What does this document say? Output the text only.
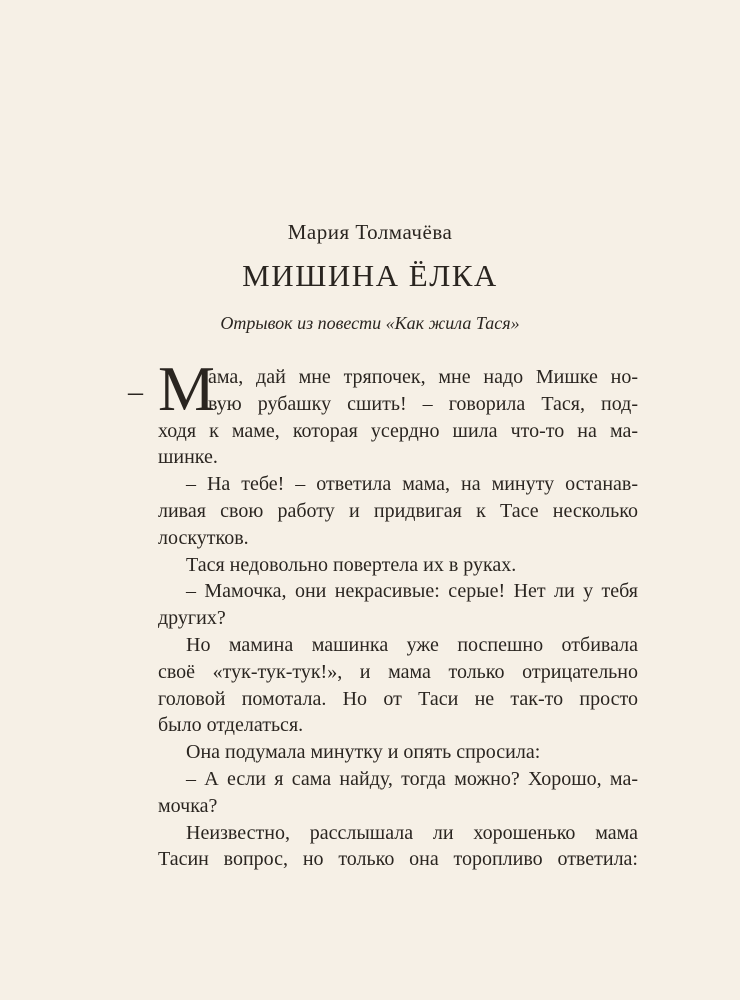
Мария Толмачёва
МИШИНА ЁЛКА
Отрывок из повести «Как жила Тася»
– М
ама, дай мне тряпочек, мне надо Мишке но-
вую рубашку сшить! – говорила Тася, под-
ходя к маме, которая усердно шила что-то на ма-
шинке.
– На тебе! – ответила мама, на минуту останав-
ливая свою работу и придвигая к Тасе несколько
лоскутков.
Тася недовольно повертела их в руках.
– Мамочка, они некрасивые: серые! Нет ли у тебя
других?
Но мамина машинка уже поспешно отбивала
своё «тук-тук-тук!», и мама только отрицательно
головой помотала. Но от Таси не так-то просто
было отделаться.
Она подумала минутку и опять спросила:
– А если я сама найду, тогда можно? Хорошо, ма-
мочка?
Неизвестно, расслышала ли хорошенько мама
Тасин вопрос, но только она торопливо ответила:
